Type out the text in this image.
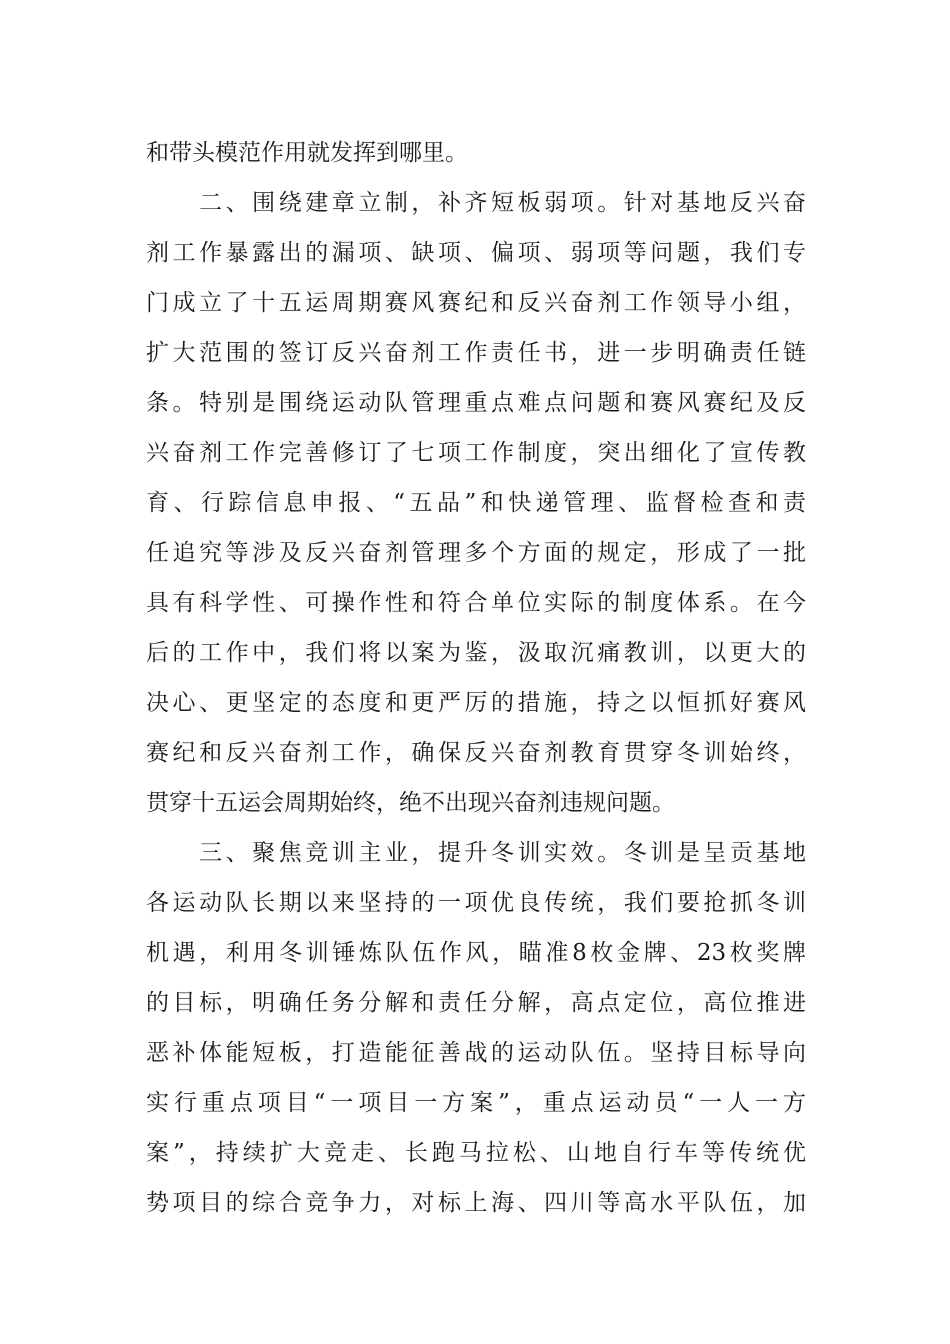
和带头模范作用就发挥到哪里。
　　二、围绕建章立制，补齐短板弱项。针对基地反兴奋
剂工作暴露出的漏项、缺项、偏项、弱项等问题，我们专
门成立了十五运周期赛风赛纪和反兴奋剂工作领导小组，
扩大范围的签订反兴奋剂工作责任书，进一步明确责任链
条。特别是围绕运动队管理重点难点问题和赛风赛纪及反
兴奋剂工作完善修订了七项工作制度，突出细化了宣传教
育、行踪信息申报、“五品”和快递管理、监督检查和责
任追究等涉及反兴奋剂管理多个方面的规定，形成了一批
具有科学性、可操作性和符合单位实际的制度体系。在今
后的工作中，我们将以案为鉴，汲取沉痛教训，以更大的
决心、更坚定的态度和更严厉的措施，持之以恒抓好赛风
赛纪和反兴奋剂工作，确保反兴奋剂教育贯穿冬训始终，
贯穿十五运会周期始终，绝不出现兴奋剂违规问题。
　　三、聚焦竞训主业，提升冬训实效。冬训是呈贡基地
各运动队长期以来坚持的一项优良传统，我们要抢抓冬训
机遇，利用冬训锤炼队伍作风，瞄准8枚金牌、23枚奖牌
的目标，明确任务分解和责任分解，高点定位，高位推进
恶补体能短板，打造能征善战的运动队伍。坚持目标导向
实行重点项目“一项目一方案”，重点运动员“一人一方
案”，持续扩大竞走、长跑马拉松、山地自行车等传统优
势项目的综合竞争力，对标上海、四川等高水平队伍，加
